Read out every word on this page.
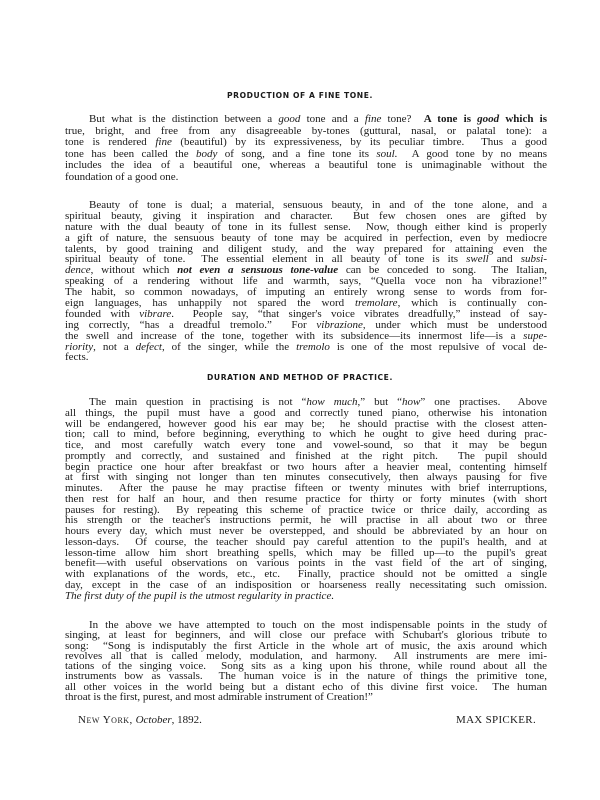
PRODUCTION OF A FINE TONE.
But what is the distinction between a good tone and a fine tone?  A tone is good which is
true, bright, and free from any disagreeable by-tones (guttural, nasal, or palatal tone): a
tone is rendered fine (beautiful) by its expressiveness, by its peculiar timbre.  Thus a good
tone has been called the body of song, and a fine tone its soul.  A good tone by no means
includes the idea of a beautiful one, whereas a beautiful tone is unimaginable without the
foundation of a good one.
Beauty of tone is dual; a material, sensuous beauty, in and of the tone alone, and a
spiritual beauty, giving it inspiration and character.  But few chosen ones are gifted by
nature with the dual beauty of tone in its fullest sense.  Now, though either kind is properly
a gift of nature, the sensuous beauty of tone may be acquired in perfection, even by mediocre
talents, by good training and diligent study, and the way prepared for attaining even the
spiritual beauty of tone.  The essential element in all beauty of tone is its swell and subsi-
dence, without which not even a sensuous tone-value can be conceded to song.  The Italian,
speaking of a rendering without life and warmth, says, “Quella voce non ha vibrazione!”
The habit, so common nowadays, of imputing an entirely wrong sense to words from for-
eign languages, has unhappily not spared the word tremolare, which is continually con-
founded with vibrare.  People say, “that singer's voice vibrates dreadfully,” instead of say-
ing correctly, “has a dreadful tremolo.”  For vibrazione, under which must be understood
the swell and increase of the tone, together with its subsidence—its innermost life—is a supe-
riority, not a defect, of the singer, while the tremolo is one of the most repulsive of vocal de-
fects.
DURATION AND METHOD OF PRACTICE.
The main question in practising is not “how much,” but “how” one practises.  Above
all things, the pupil must have a good and correctly tuned piano, otherwise his intonation
will be endangered, however good his ear may be;  he should practise with the closest atten-
tion; call to mind, before beginning, everything to which he ought to give heed during prac-
tice, and most carefully watch every tone and vowel-sound, so that it may be begun
promptly and correctly, and sustained and finished at the right pitch.  The pupil should
begin practice one hour after breakfast or two hours after a heavier meal, contenting himself
at first with singing not longer than ten minutes consecutively, then always pausing for five
minutes.  After the pause he may practise fifteen or twenty minutes with brief interruptions,
then rest for half an hour, and then resume practice for thirty or forty minutes (with short
pauses for resting).  By repeating this scheme of practice twice or thrice daily, according as
his strength or the teacher's instructions permit, he will practise in all about two or three
hours every day, which must never be overstepped, and should be abbreviated by an hour on
lesson-days.  Of course, the teacher should pay careful attention to the pupil's health, and at
lesson-time allow him short breathing spells, which may be filled up—to the pupil's great
benefit—with useful observations on various points in the vast field of the art of singing,
with explanations of the words, etc., etc.  Finally, practice should not be omitted a single
day, except in the case of an indisposition or hoarseness really necessitating such omission.
The first duty of the pupil is the utmost regularity in practice.
In the above we have attempted to touch on the most indispensable points in the study of
singing, at least for beginners, and will close our preface with Schubart's glorious tribute to
song:  “Song is indisputably the first Article in the whole art of music, the axis around which
revolves all that is called melody, modulation, and harmony.  All instruments are mere imi-
tations of the singing voice.  Song sits as a king upon his throne, while round about all the
instruments bow as vassals.  The human voice is in the nature of things the primitive tone,
all other voices in the world being but a distant echo of this divine first voice.  The human
throat is the first, purest, and most admirable instrument of Creation!”
New York, October, 1892.	MAX SPICKER.
